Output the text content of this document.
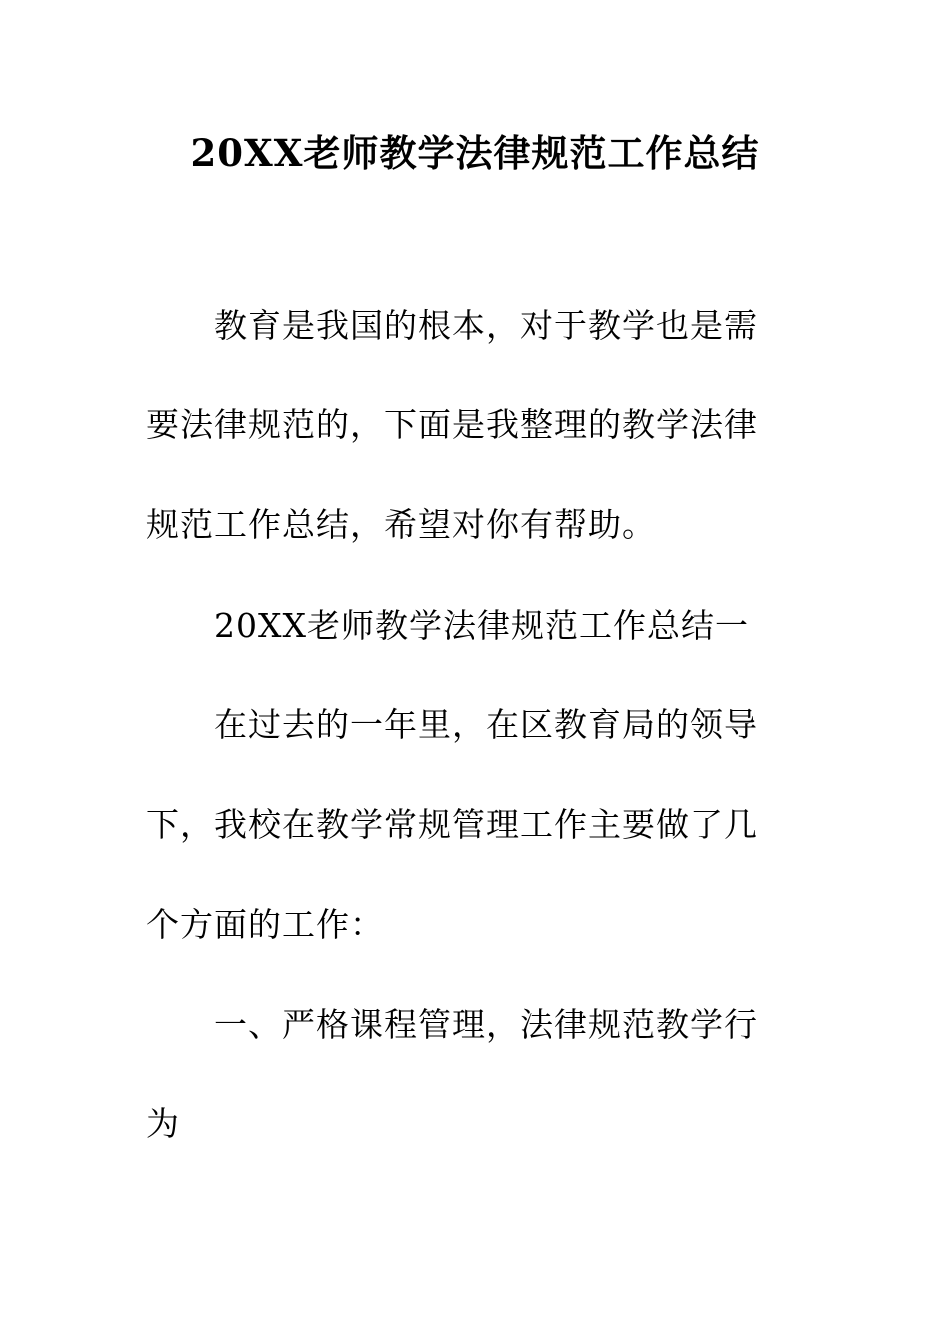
20XX老师教学法律规范工作总结
教育是我国的根本，对于教学也是需
要法律规范的，下面是我整理的教学法律
规范工作总结，希望对你有帮助。
20XX老师教学法律规范工作总结一
在过去的一年里，在区教育局的领导
下，我校在教学常规管理工作主要做了几
个方面的工作：
一、严格课程管理，法律规范教学行
为
